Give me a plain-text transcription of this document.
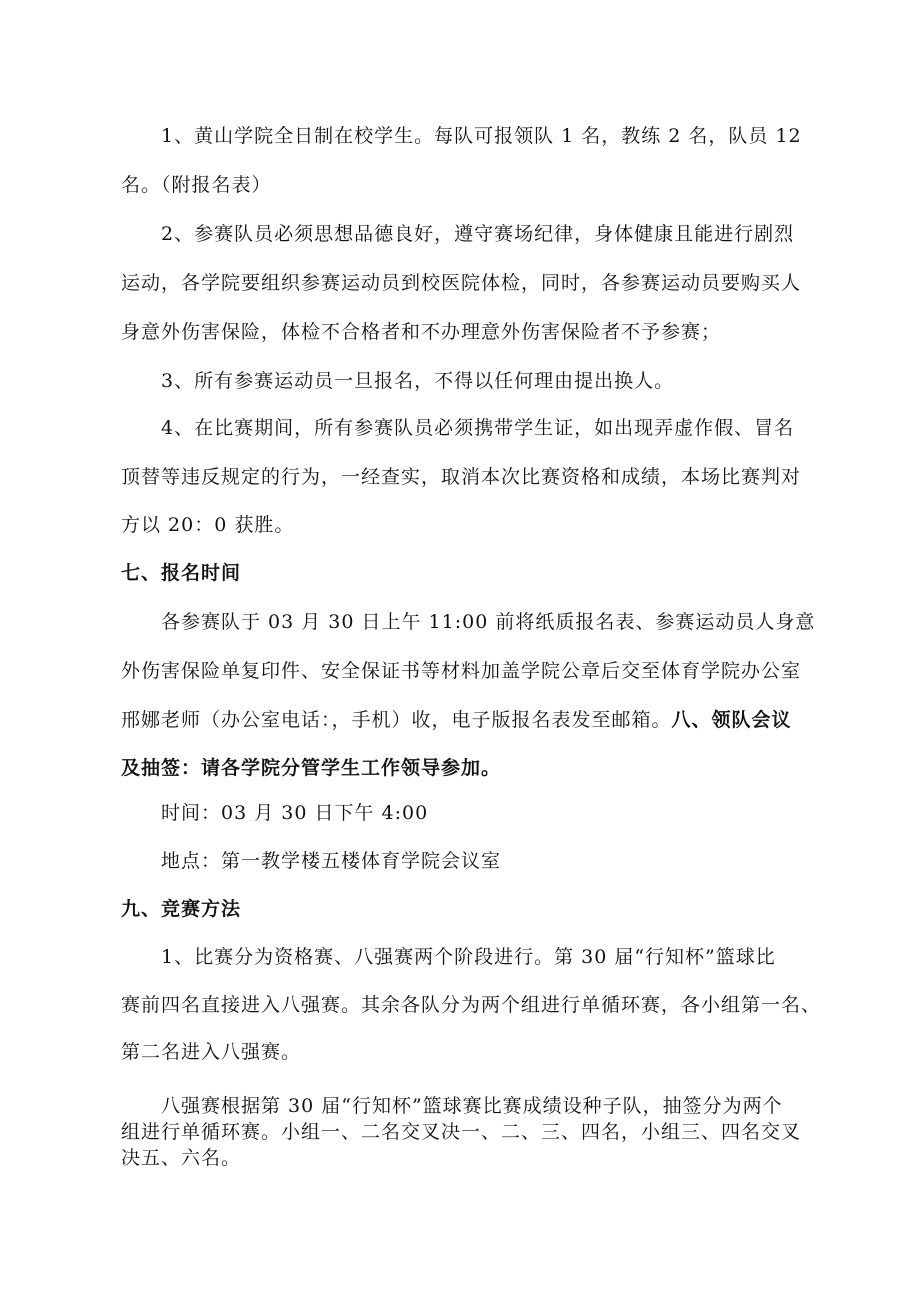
　　1、黄山学院全日制在校学生。每队可报领队 1 名，教练 2 名，队员 12

名。（附报名表）

　　2、参赛队员必须思想品德良好，遵守赛场纪律，身体健康且能进行剧烈

运动，各学院要组织参赛运动员到校医院体检，同时，各参赛运动员要购买人

身意外伤害保险，体检不合格者和不办理意外伤害保险者不予参赛；

　　3、所有参赛运动员一旦报名，不得以任何理由提出换人。

　　4、在比赛期间，所有参赛队员必须携带学生证，如出现弄虚作假、冒名

顶替等违反规定的行为，一经查实，取消本次比赛资格和成绩，本场比赛判对

方以 20：0 获胜。

七、报名时间

　　各参赛队于 03 月 30 日上午 11:00 前将纸质报名表、参赛运动员人身意

外伤害保险单复印件、安全保证书等材料加盖学院公章后交至体育学院办公室

邢娜老师（办公室电话：，手机）收，电子版报名表发至邮箱。八、领队会议

及抽签：请各学院分管学生工作领导参加。

　　时间：03 月 30 日下午 4:00

　　地点：第一教学楼五楼体育学院会议室

九、竞赛方法

　　1、比赛分为资格赛、八强赛两个阶段进行。第 30 届“行知杯”篮球比

赛前四名直接进入八强赛。其余各队分为两个组进行单循环赛，各小组第一名、

第二名进入八强赛。

　　八强赛根据第 30 届“行知杯”篮球赛比赛成绩设种子队，抽签分为两个

组进行单循环赛。小组一、二名交叉决一、二、三、四名，小组三、四名交叉

决五、六名。
